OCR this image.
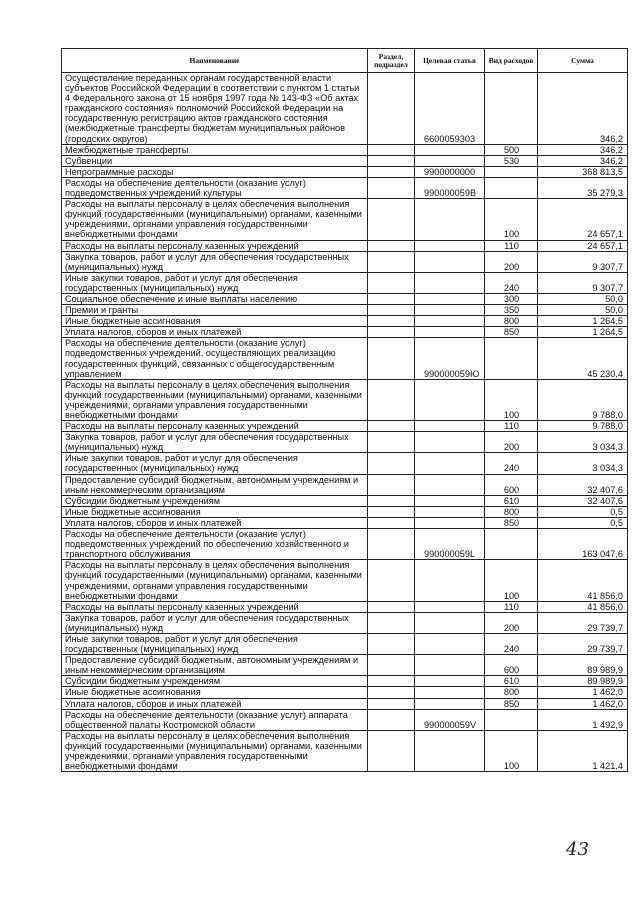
Наименование	Раздел, подраздел	Целевая статья	Вид расходов	Сумма
Осуществление переданных органам государственной власти субъектов Российской Федерации в соответствии с пунктом 1 статьи 4 Федерального закона от 15 ноября 1997 года № 143-ФЗ «Об актах гражданского состояния» полномочий Российской Федерации на государственную регистрацию актов гражданского состояния (межбюджетные трансферты бюджетам муниципальных районов (городских округов)		6600059303		346,2
Межбюджетные трансферты			500	346,2
Субвенции			530	346,2
Непрограммные расходы		9900000000		368 813,5
Расходы на обеспечение деятельности (оказание услуг) подведомственных учреждений культуры		990000059В		35 279,3
Расходы на выплаты персоналу в целях обеспечения выполнения функций государственными (муниципальными) органами, казенными учреждениями, органами управления государственными внебюджетными фондами			100	24 657,1
Расходы на выплаты персоналу казенных учреждений			110	24 657,1
Закупка товаров, работ и услуг для обеспечения государственных (муниципальных) нужд			200	9 307,7
Иные закупки товаров, работ и услуг для обеспечения государственных (муниципальных) нужд			240	9 307,7
Социальное обеспечение и иные выплаты населению			300	50,0
Премии и гранты			350	50,0
Иные бюджетные ассигнования			800	1 264,5
Уплата налогов, сборов и иных платежей			850	1 264,5
Расходы на обеспечение деятельности (оказание услуг) подведомственных учреждений, осуществляющих реализацию государственных функций, связанных с общегосударственным управлением		990000059Ю		45 230,4
Расходы на выплаты персоналу в целях обеспечения выполнения функций государственными (муниципальными) органами, казенными учреждениями, органами управления государственными внебюджетными фондами			100	9 788,0
Расходы на выплаты персоналу казенных учреждений			110	9 788,0
Закупка товаров, работ и услуг для обеспечения государственных (муниципальных) нужд			200	3 034,3
Иные закупки товаров, работ и услуг для обеспечения государственных (муниципальных) нужд			240	3 034,3
Предоставление субсидий бюджетным, автономным учреждениям и иным некоммерческим организациям			600	32 407,6
Субсидии бюджетным учреждениям			610	32 407,6
Иные бюджетные ассигнования			800	0,5
Уплата налогов, сборов и иных платежей			850	0,5
Расходы на обеспечение деятельности (оказание услуг) подведомственных учреждений по обеспечению хозяйственного и транспортного обслуживания		990000059L		163 047,6
Расходы на выплаты персоналу в целях обеспечения выполнения функций государственными (муниципальными) органами, казенными учреждениями, органами управления государственными внебюджетными фондами			100	41 856,0
Расходы на выплаты персоналу казенных учреждений			110	41 856,0
Закупка товаров, работ и услуг для обеспечения государственных (муниципальных) нужд			200	29 739,7
Иные закупки товаров, работ и услуг для обеспечения государственных (муниципальных) нужд			240	29 739,7
Предоставление субсидий бюджетным, автономным учреждениям и иным некоммерческим организациям			600	89 989,9
Субсидии бюджетным учреждениям			610	89 989,9
Иные бюджетные ассигнования			800	1 462,0
Уплата налогов, сборов и иных платежей			850	1 462,0
Расходы на обеспечение деятельности (оказание услуг) аппарата общественной палаты Костромской области		990000059V		1 492,9
Расходы на выплаты персоналу в целях обеспечения выполнения функций государственными (муниципальными) органами, казенными учреждениями, органами управления государственными внебюджетными фондами			100	1 421,4
43
